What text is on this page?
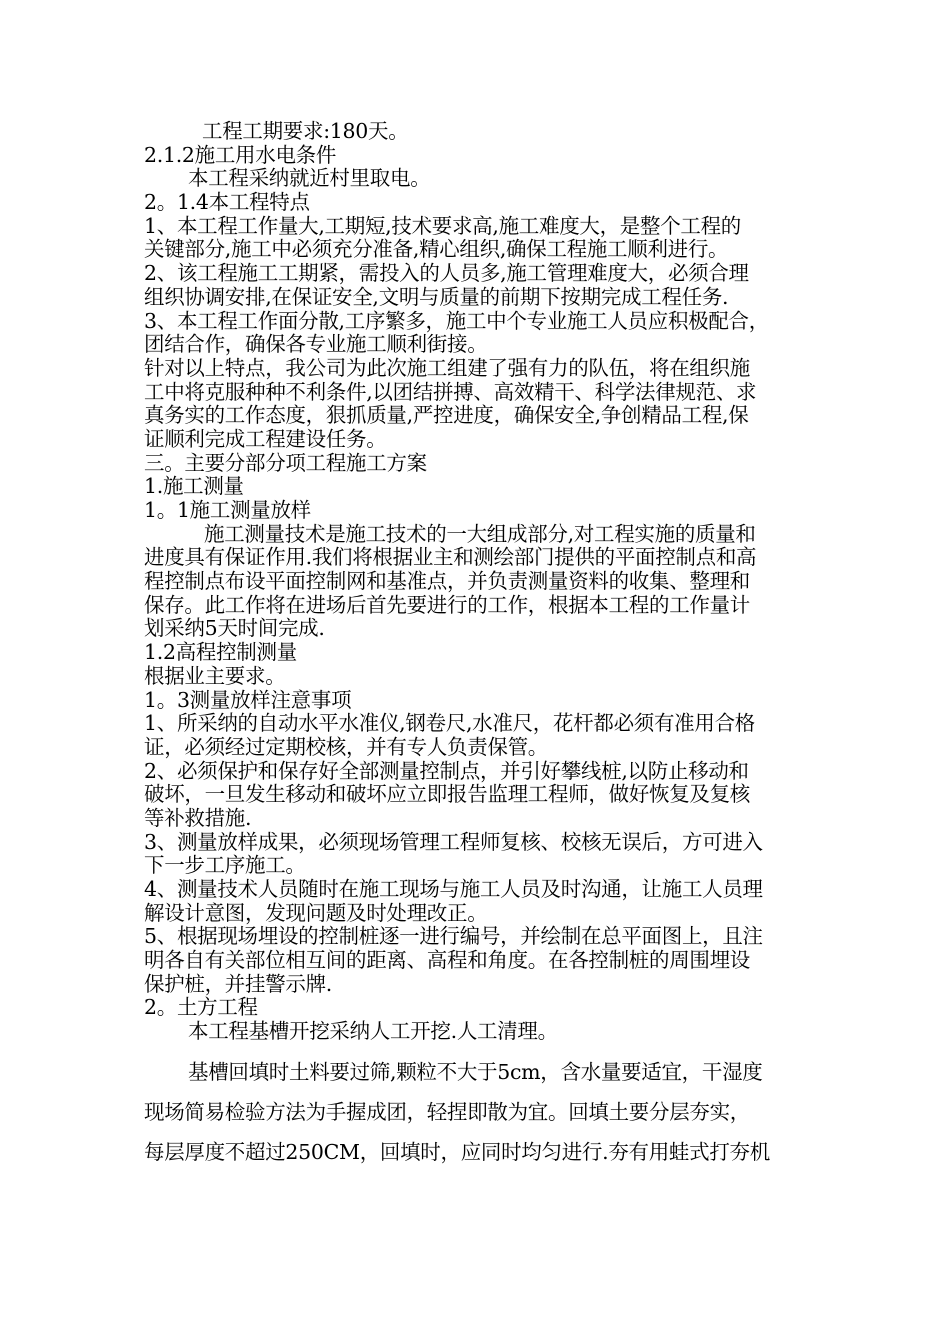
工程工期要求:180天。
2.1.2施工用水电条件
本工程采纳就近村里取电。
2。1.4本工程特点
1、本工程工作量大,工期短,技术要求高,施工难度大，是整个工程的
关键部分,施工中必须充分准备,精心组织,确保工程施工顺利进行。
2、该工程施工工期紧，需投入的人员多,施工管理难度大，必须合理
组织协调安排,在保证安全,文明与质量的前期下按期完成工程任务.
3、本工程工作面分散,工序繁多，施工中个专业施工人员应积极配合，
团结合作，确保各专业施工顺利街接。
针对以上特点，我公司为此次施工组建了强有力的队伍，将在组织施
工中将克服种种不利条件,以团结拼搏、高效精干、科学法律规范、求
真务实的工作态度，狠抓质量,严控进度，确保安全,争创精品工程,保
证顺利完成工程建设任务。
三。主要分部分项工程施工方案
1.施工测量
1。1施工测量放样
施工测量技术是施工技术的一大组成部分,对工程实施的质量和
进度具有保证作用.我们将根据业主和测绘部门提供的平面控制点和高
程控制点布设平面控制网和基准点，并负责测量资料的收集、整理和
保存。此工作将在进场后首先要进行的工作，根据本工程的工作量计
划采纳5天时间完成.
1.2高程控制测量
根据业主要求。
1。3测量放样注意事项
1、所采纳的自动水平水准仪,钢卷尺,水准尺，花杆都必须有准用合格
证，必须经过定期校核，并有专人负责保管。
2、必须保护和保存好全部测量控制点，并引好攀线桩,以防止移动和
破坏，一旦发生移动和破坏应立即报告监理工程师，做好恢复及复核
等补救措施.
3、测量放样成果，必须现场管理工程师复核、校核无误后，方可进入
下一步工序施工。
4、测量技术人员随时在施工现场与施工人员及时沟通，让施工人员理
解设计意图，发现问题及时处理改正。
5、根据现场埋设的控制桩逐一进行编号，并绘制在总平面图上，且注
明各自有关部位相互间的距离、高程和角度。在各控制桩的周围埋设
保护桩，并挂警示牌.
2。土方工程
本工程基槽开挖采纳人工开挖.人工清理。
基槽回填时土料要过筛,颗粒不大于5cm，含水量要适宜，干湿度
现场简易检验方法为手握成团，轻捏即散为宜。回填土要分层夯实，
每层厚度不超过250CM，回填时，应同时均匀进行.夯有用蛙式打夯机
